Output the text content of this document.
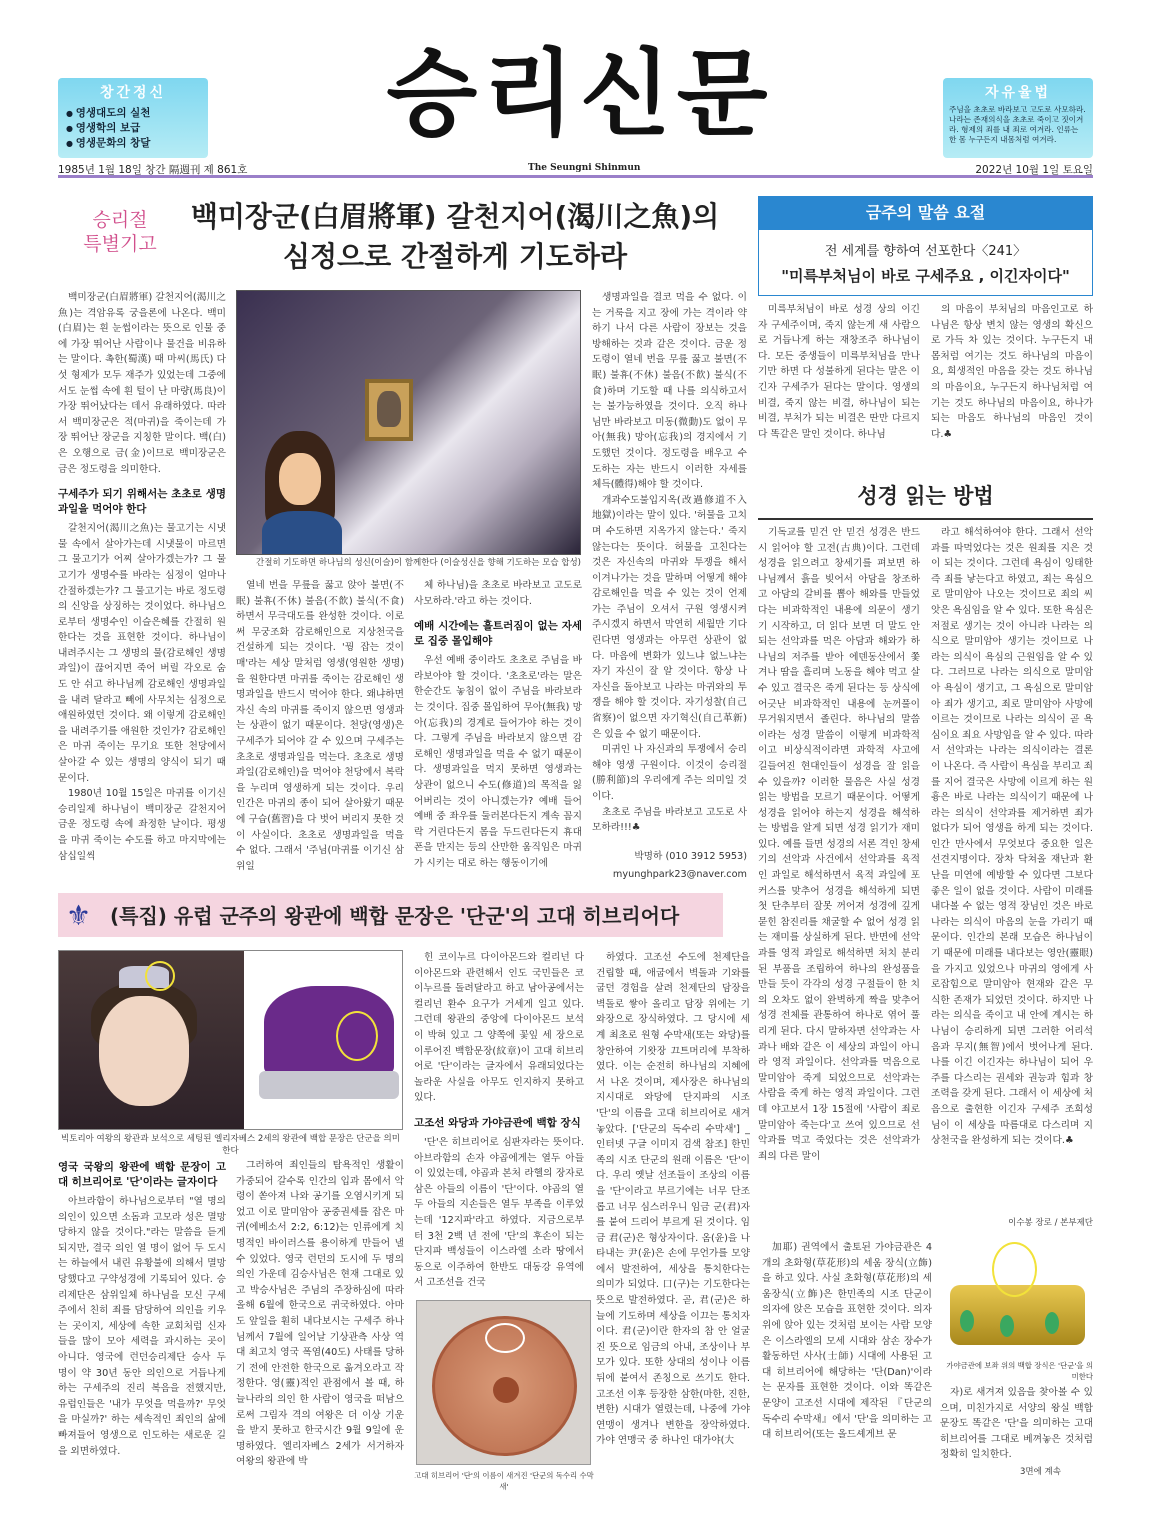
창간정신
● 영생대도의 실천
● 영생학의 보급
● 영생문화의 창달	승리신문	자유율법

주님을 초초로 바라보고 고도로 사모하라. 나라는 존재의식을 초초로 죽이고 짓이겨라. 형제의 죄를 내 죄로 여겨라. 인류는 한 몸 누구든지 내몸처럼 여겨라.

1985년 1월 18일 창간 隔週刊 제 861호	The Seungni Shinmun	2022년 10월 1일 토요일
승리절
특별기고
백미장군(白眉將軍) 갈천지어(渴川之魚)의
심정으로 간절하게 기도하라

백미장군(白眉將軍) 갈천지어(渴川之魚)는 격암유록 궁을론에 나온다. 백미(白眉)는 흰 눈썹이라는 뜻으로 인물 중에 가장 뛰어난 사람이나 물건을 비유하는 말이다. 촉한(蜀漢) 때 마씨(馬氏) 다섯 형제가 모두 재주가 있었는데 그중에서도 눈썹 속에 흰 털이 난 마량(馬良)이 가장 뛰어났다는 데서 유래하였다. 따라서 백미장군은 적(마귀)을 죽이는데 가장 뛰어난 장군을 지칭한 말이다. 백(白)은 오행으로 금(金)이므로 백미장군은 금은 정도령을 의미한다.

구세주가 되기 위해서는 초초로 생명과일을 먹어야 한다

갈천지어(渴川之魚)는 물고기는 시냇물 속에서 살아가는데 시냇물이 마르면 그 물고기가 어찌 살아가겠는가? 그 물고기가 생명수를 바라는 심정이 얼마나 간절하겠는가? 그 물고기는 바로 정도령의 신앙을 상징하는 것이었다. 하나님으로부터 생명수인 이슬은혜를 간절히 원한다는 것을 표현한 것이다. 하나님이 내려주시는 그 생명의 물(감로해인 생명과일)이 끊어지면 죽어 버릴 각오로 숨도 안 쉬고 하나님께 감로해인 생명과일을 내려 달라고 빼에 사무치는 심정으로 애원하였던 것이다. 왜 이렇게 감로해인을 내려주기를 애원한 것인가? 감로해인은 마귀 죽이는 무기요 또한 천당에서 살아갈 수 있는 생명의 양식이 되기 때문이다.

1980년 10월 15일은 마귀를 이기신 승리일제 하나님이 백미장군 갈천지어 금운 정도령 속에 좌정한 날이다. 평생을 마귀 죽이는 수도를 하고 마지막에는 삼십일씩

간절히 기도하면 하나님의 성신(이슬)이 함께한다 (이슬성신을 향해 기도하는 모습 합성)

열네 번을 무릎을 꿇고 앉아 불면(不眠) 불휴(不休) 불음(不飮) 불식(不食)하면서 무극대도를 완성한 것이다. 이로써 무궁조화 감로해인으로 지상천국을 건설하게 되는 것이다. '꿩 잡는 것이 매'라는 세상 말처럼 영생(영원한 생명)을 원한다면 마귀를 죽이는 감로해인 생명과일을 반드시 먹어야 한다. 왜냐하면 자신 속의 마귀를 죽이지 않으면 영생과는 상관이 없기 때문이다. 천당(영생)은 구세주가 되어야 갈 수 있으며 구세주는 초초로 생명과일을 먹는다. 초초로 생명과일(감로해인)을 먹어야 천당에서 복락을 누리며 영생하게 되는 것이다. 우리 인간은 마귀의 종이 되어 살아왔기 때문에 구습(舊習)을 다 벗어 버리지 못한 것이 사실이다. 초초로 생명과일을 먹을 수 없다. 그래서 '주님(마귀를 이기신 삼위일

체 하나님)을 초초로 바라보고 고도로 사모하라.'라고 하는 것이다.

예배 시간에는 흘트러짐이 없는 자세로 집중 몰입해야

우선 예배 중이라도 초초로 주님을 바라보아야 할 것이다. '초초로'라는 말은 한순간도 놓침이 없이 주님을 바라보라는 것이다. 집중 몰입하여 무아(無我) 망아(忘我)의 경계로 들어가야 하는 것이다. 그렇게 주님을 바라보지 않으면 감로해인 생명과일을 먹을 수 없기 때문이다. 생명과일을 먹지 못하면 영생과는 상관이 없으니 수도(修道)의 목적을 잃어버리는 것이 아니겠는가? 예배 들어 예배 중 좌우를 둘러본다든지 계속 꼼지락 거린다든지 몸을 두드린다든지 휴대폰을 만지는 등의 산만한 움직임은 마귀가 시키는 대로 하는 행동이기에

생명과일을 결코 먹을 수 없다. 이는 거룩을 지고 장에 가는 격이라 약하기 나서 다른 사람이 장보는 것을 방해하는 것과 같은 것이다. 금운 정도령이 열네 번을 무릎 꿇고 불면(不眠) 불휴(不休) 불음(不飮) 불식(不食)하며 기도할 때 나를 의식하고서는 불가능하였을 것이다. 오직 하나님만 바라보고 미동(微動)도 없이 무아(無我) 망아(忘我)의 경지에서 기도했던 것이다. 정도령을 배우고 수도하는 자는 반드시 이러한 자세를 체득(體得)해야 할 것이다.

개과수도불입지옥(改過修道不入地獄)이라는 말이 있다. '허물을 고치며 수도하면 지옥가지 않는다.' 죽지 않는다는 뜻이다. 허물을 고친다는 것은 자신속의 마귀와 투쟁을 해서 이겨나가는 것을 말하며 어떻게 해야 감로해인을 먹을 수 있는 것이 언제가는 주님이 오셔서 구원 영생시켜 주시겠지 하면서 막연히 세월만 기다린다면 영생과는 아무런 상관이 없다. 마음에 변화가 있느냐 없느냐는 자기 자신이 잘 알 것이다. 항상 나 자신을 돌아보고 나라는 마귀와의 투쟁을 해야 할 것이다. 자기성찰(自己省察)이 없으면 자기혁신(自己革新)은 있을 수 없기 때문이다.

미귀인 나 자신과의 투쟁에서 승리해야 영생 구원이다. 이것이 승리절(勝利節)의 우리에게 주는 의미일 것이다.

초초로 주님을 바라보고 고도로 사모하라!!!♣

박명하 (010 3912 5953)
myunghpark23@naver.com
금주의 말씀 요절
전 세계를 향하여 선포한다〈241〉
"미륵부처님이 바로 구세주요 , 이긴자이다"

미륵부처님이 바로 성경 상의 이긴자 구세주이며, 죽지 않는게 새 사람으로 거듭나게 하는 재창조주 하나님이다. 모든 중생들이 미륵부처님을 만나기만 하면 다 성불하게 된다는 말은 이긴자 구세주가 된다는 말이다. 영생의 비결, 죽지 않는 비결, 하나님이 되는 비결, 부처가 되는 비결은 딴만 다르지 다 똑같은 말인 것이다. 하나님

의 마음이 부처님의 마음인고로 하나님은 항상 변치 않는 영생의 확신으로 가득 차 있는 것이다. 누구든지 내 몸처럼 여기는 것도 하나님의 마음이요, 희생적인 마음을 갖는 것도 하나님의 마음이요, 누구든지 하나님처럼 여기는 것도 하나님의 마음이요, 하나가 되는 마음도 하나님의 마음인 것이다.♣

성경 읽는 방법

기독교를 믿건 안 믿건 성경은 반드시 읽어야 할 고전(古典)이다. 그런데 성경을 읽으려고 창세기를 펴보면 하나님께서 흙을 빚어서 아담을 창조하고 아담의 갈비를 뽑아 해와를 만들었다는 비과학적인 내용에 의문이 생기기 시작하고, 더 읽다 보면 더 말도 안 되는 선악과를 먹은 아담과 해와가 하나님의 저주를 받아 에덴동산에서 쫓겨나 땀을 흘리며 노동을 해야 먹고 살 수 있고 결국은 죽게 된다는 등 상식에 어긋난 비과학적인 내용에 눈꺼풀이 무거워지면서 졸린다. 하나님의 말씀이라는 성경 말씀이 이렇게 비과학적이고 비상식적이라면 과학적 사고에 길들여진 현대인들이 성경을 잘 읽을 수 있을까? 이러한 물음은 사실 성경 읽는 방법을 모르기 때문이다. 어떻게 성경을 읽어야 하는지 성경을 해석하는 방법을 알게 되면 성경 읽기가 재미있다. 예를 들면 성경의 서론 격인 창세기의 선악과 사건에서 선악과를 육적인 과일로 해석하면서 육적 과일에 포커스를 맞추어 성경을 해석하게 되면 첫 단추부터 잘못 꺼어져 성경에 깊게 묻힌 참진리를 채굴할 수 없어 성경 읽는 재미를 상실하게 된다. 반면에 선악과를 영적 과일로 해석하면 처치 분리된 부품을 조립하여 하나의 완성품을 만들 듯이 각각의 성경 구절들이 한 치의 오차도 없이 완벽하게 짝을 맞추어 성경 전체를 관통하여 하나로 엮어 풀리게 된다. 다시 말하자면 선악과는 사과나 배와 같은 이 세상의 과일이 아니라 영적 과일이다. 선악과를 먹음으로 말미암아 죽게 되었으므로 선악과는 사람을 죽게 하는 영적 과일이다. 그런데 야고보서 1장 15절에 '사람이 죄로 말미암아 죽는다'고 쓰여 있으므로 선악과를 먹고 죽었다는 것은 선악과가 죄의 다른 말이

라고 해석하여야 한다. 그래서 선악과를 따먹었다는 것은 원죄를 지은 것이 되는 것이다. 그런데 욕심이 잉태한즉 죄를 낳는다고 하였고, 죄는 욕심으로 말미암아 나오는 것이므로 죄의 씨앗은 욕심임을 알 수 있다. 또한 욕심은 저절로 생기는 것이 아니라 나라는 의식으로 말미암아 생기는 것이므로 나라는 의식이 욕심의 근원임을 알 수 있다. 그러므로 나라는 의식으로 말미암아 욕심이 생기고, 그 욕심으로 말미암아 죄가 생기고, 죄로 말미암아 사망에 이르는 것이므로 나라는 의식이 곧 욕심이요 죄요 사망임을 알 수 있다. 따라서 선악과는 나라는 의식이라는 결론이 나온다. 즉 사람이 욕심을 부리고 죄를 지어 결국은 사망에 이르게 하는 원흉은 바로 나라는 의식이기 때문에 나라는 의식이 선악과를 제거하면 죄가 없다가 되어 영생을 하게 되는 것이다. 인간 만사에서 무엇보다 중요한 일은 선견지명이다. 장차 닥쳐올 재난과 환난을 미연에 예방할 수 있다면 그보다 좋은 일이 없을 것이다. 사람이 미래를 내다볼 수 없는 영적 장님인 것은 바로 나라는 의식이 마음의 눈을 가리기 때문이다. 인간의 본래 모습은 하나님이기 때문에 미래를 내다보는 영안(靈眼)을 가지고 있었으나 마귀의 영에게 사로잡힘으로 말미암아 현재와 같은 무식한 존재가 되었던 것이다. 하지만 나라는 의식을 죽이고 내 안에 계시는 하나님이 승리하게 되면 그러한 어리석음과 무지(無智)에서 벗어나게 된다. 나를 이긴 이긴자는 하나님이 되어 우주를 다스리는 권세와 권능과 힘과 창조력을 갖게 된다. 그래서 이 세상에 처음으로 출현한 이긴자 구세주 조희성님이 이 세상을 따름대로 다스리며 지상천국을 완성하게 되는 것이다.♣

이수봉 장로 / 본부제단
⚜ (특집) 유럽 군주의 왕관에 백합 문장은 '단군'의 고대 히브리어다
빅토리아 여왕의 왕관과 보석으로 세팅된 엘리자베스 2세의 왕관에 백합 문장은 단군을 의미한다
영국 국왕의 왕관에 백합 문장이 고대 히브리어로 '단'이라는 글자이다

아브라함이 하나님으로부터 "열 명의 의인이 있으면 소돔과 고모라 성은 멸망당하지 않을 것이다."라는 말씀을 듣게 되지만, 결국 의인 열 명이 없어 두 도시는 하늘에서 내린 유황불에 의해서 멸망당했다고 구약성경에 기록되어 있다. 승리제단은 삼위일체 하나님을 모신 구세주에서 친히 죄를 담당하여 의인을 키우는 곳이지, 세상에 속한 교회처럼 신자들을 많이 모아 세력을 과시하는 곳이 아니다. 영국에 런던승리제단 승사 두 명이 약 30년 동안 의인으로 거듭나게 하는 구세주의 진리 복음을 전했지만, 유럽인들은 '내가 무엇을 먹을까?' 무엇을 마실까?' 하는 세속적인 죄인의 삶에 빠져들어 영생으로 인도하는 새로운 길을 외면하였다.

그러하여 죄인들의 탐욕적인 생활이 가중되어 갈수록 인간의 입과 몸에서 악령이 쏟아져 나와 공기를 오염시키게 되었고 이로 말미암아 공중권세를 잡은 마귀(에베소서 2:2, 6:12)는 인류에게 치명적인 바이러스를 용이하게 만들어 낼 수 있었다. 영국 런던의 도시에 두 명의 의인 가운데 김승사님은 현재 그대로 있고 박승사님은 주님의 주장하심에 따라 올해 6월에 한국으로 귀국하였다. 아마도 앞일을 훤히 내다보시는 구세주 하나님께서 7월에 일어날 기상관측 사상 역대 최고치 영국 폭염(40도) 사태를 당하기 전에 안전한 한국으로 옮겨오라고 작정한다. 영(靈)적인 관점에서 볼 때, 하늘나라의 의인 한 사람이 영국을 떠남으로써 그림자 격의 여왕은 더 이상 기운을 받지 못하고 한국시간 9월 9일에 운명하였다. 엘리자베스 2세가 서거하자 여왕의 왕관에 박

힌 코이누르 다이아몬드와 컬리넌 다이아몬드와 관련해서 인도 국민들은 코이누르를 돌려달라고 하고 남아공에서는 컬리넌 환수 요구가 거세게 일고 있다. 그런데 왕관의 중앙에 다이아몬드 보석이 박혀 있고 그 양쪽에 꽃잎 세 장으로 이루어진 백합문장(紋章)이 고대 히브리어로 '단'이라는 글자에서 유래되었다는 놀라운 사실을 아무도 인지하지 못하고 있다.

고조선 와당과 가야금관에 백합 장식

'단'은 히브리어로 심판자라는 뜻이다. 아브라함의 손자 야곱에게는 열두 아들이 있었는데, 야곱과 본처 라헬의 장자로 삼은 아들의 이름이 '단'이다. 야곱의 열두 아들의 지손들은 열두 부족을 이루었는데 '12지파'라고 하였다. 지금으로부터 3천 2백 년 전에 '단'의 후손이 되는 단지파 백성들이 이스라엘 소라 땅에서 동으로 이주하여 한반도 대동강 유역에서 고조선을 건국

고대 히브리어 '단'의 이름이 새겨진 '단군의 독수리 수막새'

하였다. 고조선 수도에 천제단을 건립할 때, 애굽에서 벽돌과 기와를 굽던 경험을 살려 천제단의 담장을 벽돌로 쌓아 올리고 담장 위에는 기와장으로 장식하였다. 그 당시에 세계 최초로 원형 수막새(또는 와당)를 창안하여 기왓장 끄트머리에 부착하였다. 이는 순전히 하나님의 지혜에서 나온 것이며, 제사장은 하나님의 지시대로 와당에 단지파의 시조 '단'의 이름을 고대 히브리어로 새겨놓았다. ['단군의 독수리 수막새'] _ 인터넷 구글 이미지 검색 참조] 한민족의 시조 단군의 원래 이름은 '단'이다. 우리 옛날 선조들이 조상의 이름을 '단'이라고 부르기에는 너무 단조롭고 너무 심스러우니 임금 군(君)자를 붙여 드리어 부르게 된 것이다. 임금 君(군)은 형상자이다. 옴(윤)을 나타내는 尹(윤)은 손에 무언가를 모양에서 발전하여, 세상을 통치한다는 의미가 되었다. 口(구)는 기도한다는 뜻으로 발전하였다. 곧, 君(군)은 하늘에 기도하며 세상을 이끄는 통치자이다. 君(군)이란 한자의 참 안 얼굴진 뜻으로 임금의 아내, 조상이나 부모가 있다. 또한 상대의 성이나 이름 뒤에 붙여서 존칭으로 쓰기도 한다. 고조선 이후 등장한 삼한(마한, 진한, 변한) 시대가 열렸는데, 나중에 가야 연맹이 생겨나 변한을 장악하였다. 가야 연맹국 중 하나인 대가야(大

加耶) 권역에서 출토된 가야금관은 4개의 초화형(草花形)의 세움 장식(立飾)을 하고 있다. 사실 초화형(草花形)의 세움장식(立飾)은 한민족의 시조 단군이 의자에 앉은 모습을 표현한 것이다. 의자 위에 앉아 있는 것처럼 보이는 사람 모양은 이스라엘의 모세 시대와 삼손 장수가 활동하던 사사(士師) 시대에 사용된 고대 히브리어에 해당하는 '단(Dan)'이라는 문자를 표현한 것이다. 이와 똑같은 문양이 고조선 시대에 제작된 『단군의 독수리 수막새』에서 '단'을 의미하는 고대 히브리어(또는 올드셰게브 문

가야금관에 보좌 위의 백합 장식은 '단군'을 의미한다

자)로 새겨져 있음을 찾아볼 수 있으며, 미친가지로 서양의 왕실 백합 문장도 똑같은 '단'을 의미하는 고대 히브리어를 그대로 베껴놓은 것처럼 정확히 일치한다.

3면에 계속
